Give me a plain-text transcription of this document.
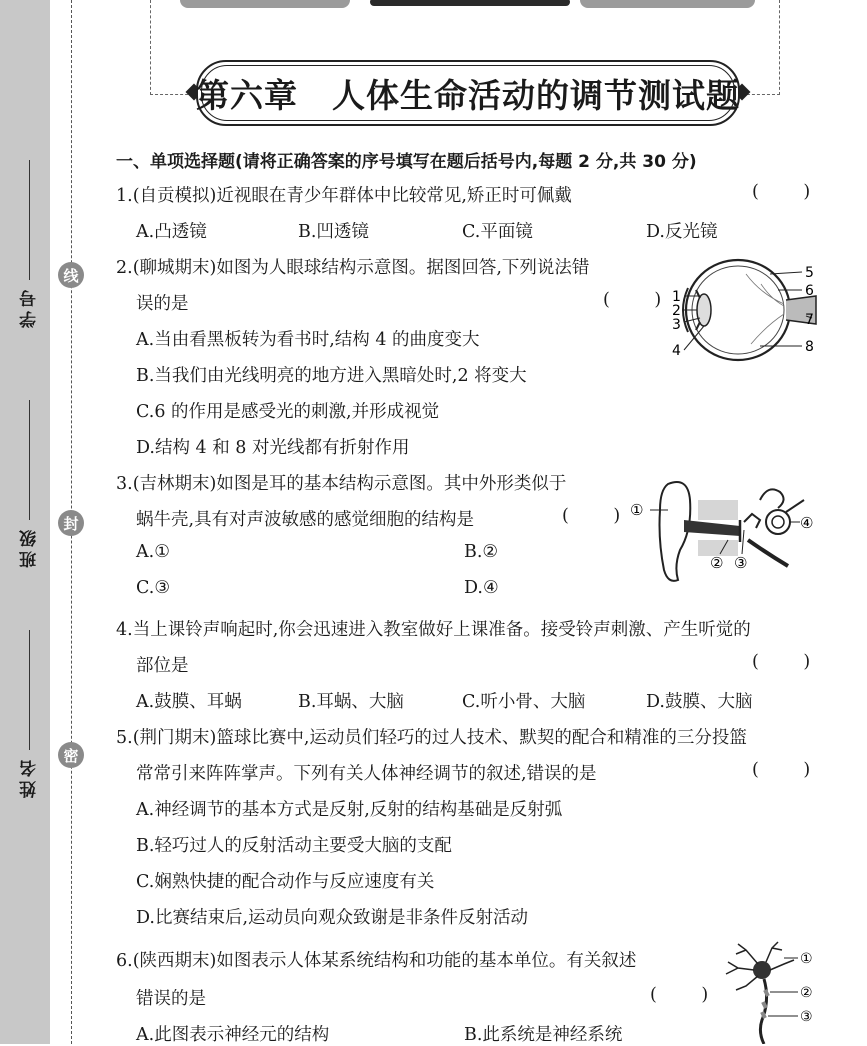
线
封
密
学号
班级
姓名
第六章　人体生命活动的调节测试题
一、单项选择题(请将正确答案的序号填写在题后括号内,每题 2 分,共 30 分)
1.(自贡模拟)近视眼在青少年群体中比较常见,矫正时可佩戴	(        )
A.凸透镜	B.凹透镜	C.平面镜	D.反光镜
2.(聊城期末)如图为人眼球结构示意图。据图回答,下列说法错
误的是	(        )
A.当由看黑板转为看书时,结构 4 的曲度变大
B.当我们由光线明亮的地方进入黑暗处时,2 将变大
C.6 的作用是感受光的刺激,并形成视觉
D.结构 4 和 8 对光线都有折射作用
1
2
3
4
5
6
7
8
3.(吉林期末)如图是耳的基本结构示意图。其中外形类似于
蜗牛壳,具有对声波敏感的感觉细胞的结构是	(        )
A.①	B.②
C.③	D.④
①
② ③
④
4.当上课铃声响起时,你会迅速进入教室做好上课准备。接受铃声刺激、产生听觉的
部位是	(        )
A.鼓膜、耳蜗	B.耳蜗、大脑	C.听小骨、大脑	D.鼓膜、大脑
5.(荆门期末)篮球比赛中,运动员们轻巧的过人技术、默契的配合和精准的三分投篮
常常引来阵阵掌声。下列有关人体神经调节的叙述,错误的是	(        )
A.神经调节的基本方式是反射,反射的结构基础是反射弧
B.轻巧过人的反射活动主要受大脑的支配
C.娴熟快捷的配合动作与反应速度有关
D.比赛结束后,运动员向观众致谢是非条件反射活动
6.(陕西期末)如图表示人体某系统结构和功能的基本单位。有关叙述
错误的是	(        )
A.此图表示神经元的结构	B.此系统是神经系统
①
②
③
